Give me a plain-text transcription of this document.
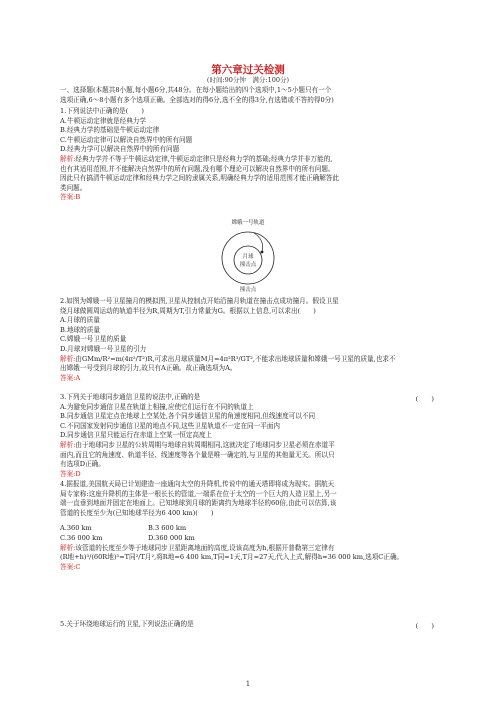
第六章过关检测
(时间:90分钟　满分:100分)
一、选择题(本题共8小题,每小题6分,共48分。在每小题给出的四个选项中,1～5小题只有一个
选项正确,6～8小题有多个选项正确。全部选对的得6分,选不全的得3分,有选错或不答的得0分)
1.下列说法中正确的是(　　)
A.牛顿运动定律就是经典力学
B.经典力学的基础是牛顿运动定律
C.牛顿运动定律可以解决自然界中的所有问题
D.经典力学可以解决自然界中的所有问题
解析:经典力学并不等于牛顿运动定律,牛顿运动定律只是经典力学的基础;经典力学并非万能的,
也有其适用范围,并不能解决自然界中的所有问题,没有哪个理论可以解决自然界中的所有问题。
因此只有搞清牛顿运动定律和经典力学之间的隶属关系,明确经典力学的适用范围才能正确解答此
类问题。
答案:B
嫦娥一号轨道
月球
撞击点
撞击点
2.如图为嫦娥一号卫星撞月的模拟图,卫星从控制点开始沿撞月轨道在撞击点成功撞月。假设卫星
绕月球做圆周运动的轨道半径为R,周期为T,引力常量为G。根据以上信息,可以求出(　　)
A.月球的质量
B.地球的质量
C.嫦娥一号卫星的质量
D.月球对嫦娥一号卫星的引力
解析:由GMm/R²=m(4π²/T²)R,可求出月球质量M月=4π²R³/GT²,不能求出地球质量和嫦娥一号卫星的质量,也求不
出嫦娥一号受到月球的引力,故只有A正确。故正确选项为A。
答案:A
3.下列关于地球同步通信卫星的说法中,正确的是
A.为避免同步通信卫星在轨道上相撞,应使它们运行在不同的轨道上
B.同步通信卫星定点在地球上空某处,各个同步通信卫星的角速度相同,但线速度可以不同
C.不同国家发射同步通信卫星的地点不同,这些卫星轨道不一定在同一平面内
D.同步通信卫星只能运行在赤道上空某一恒定高度上
解析:由于地球同步卫星的公转周期与地球自转周期相同,这就决定了地球同步卫星必须在赤道平
面内,而且它的角速度、轨道半径、线速度等各个量是唯一确定的,与卫星的其他量无关。所以只
有选项D正确。
答案:D
(　　)
4.据报道,美国航天局已计划建造一座通向太空的升降机,传说中的通天塔即将成为现实。据航天
局专家称:这座升降机的主体是一根长长的管道,一端系在位于太空的一个巨大的人造卫星上,另一
端一直垂到地面并固定在地面上。已知地球到月球的距离约为地球半径的60倍,由此可以估算,该
管道的长度至少为(已知地球半径为6 400 km)(　　)
A.360 km	B.3 600 km
C.36 000 km	D.360 000 km
解析:该管道的长度至少等于地球同步卫星距离地面的高度,设该高度为h,根据开普勒第三定律有
(R地+h)³/(60R地)³=T同²/T月²,将R地=6 400 km,T同=1天,T月=27天,代入上式,解得h≈36 000 km,选项C正确。
答案:C
5.关于环绕地球运行的卫星,下列说法正确的是	(　　)
1
